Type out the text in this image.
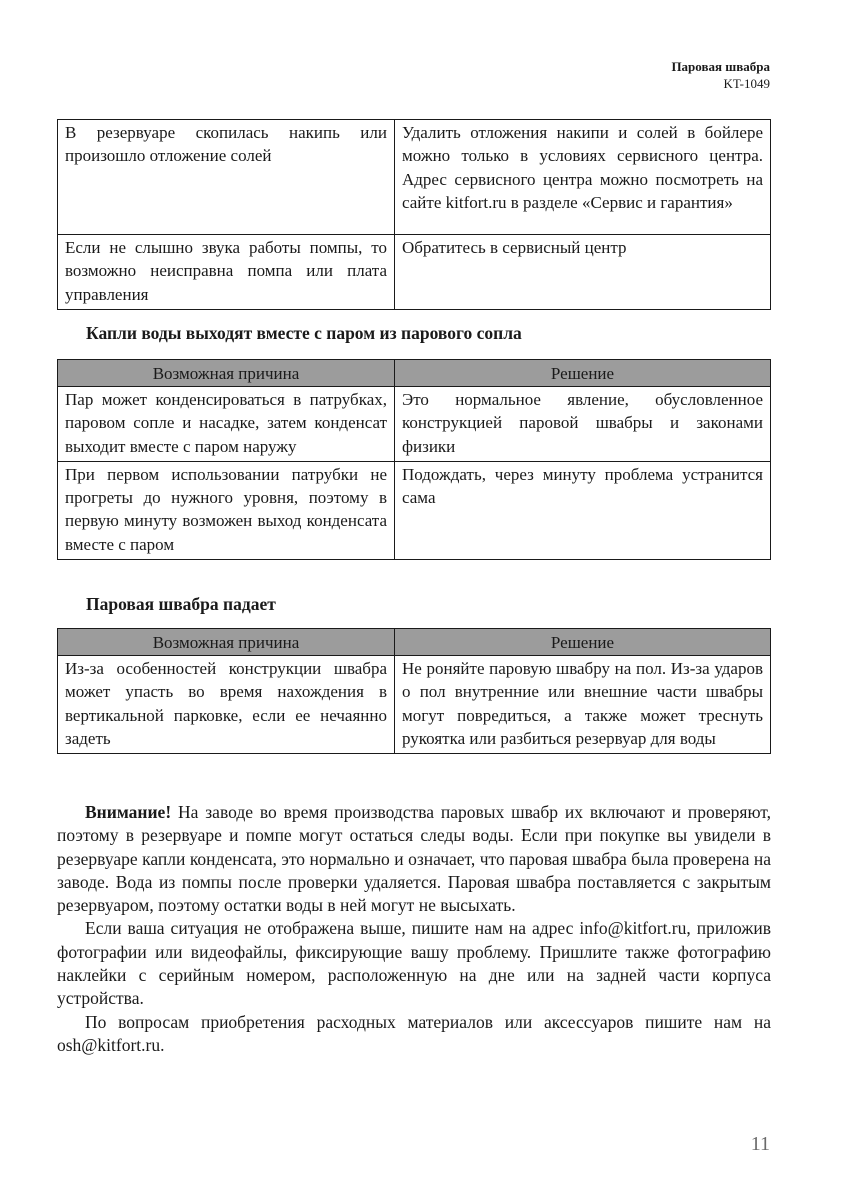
Паровая швабра
KT-1049
В резервуаре скопилась накипь или произошло отложение солей	Удалить отложения накипи и солей в бойлере можно только в условиях сервисного центра. Адрес сервисного центра можно посмотреть на сайте kitfort.ru в разделе «Сервис и гарантия»
Если не слышно звука работы помпы, то возможно неисправна помпа или плата управления	Обратитесь в сервисный центр
Капли воды выходят вместе с паром из парового сопла
Возможная причина	Решение
Пар может конденсироваться в патрубках, паровом сопле и насадке, затем конденсат выходит вместе с паром наружу	Это нормальное явление, обусловленное конструкцией паровой швабры и законами физики
При первом использовании патрубки не прогреты до нужного уровня, поэтому в первую минуту возможен выход конденсата вместе с паром	Подождать, через минуту проблема устранится сама
Паровая швабра падает
Возможная причина	Решение
Из-за особенностей конструкции швабра может упасть во время нахождения в вертикальной парковке, если ее нечаянно задеть	Не роняйте паровую швабру на пол. Из-за ударов о пол внутренние или внешние части швабры могут повредиться, а также может треснуть рукоятка или разбиться резервуар для воды

Внимание! На заводе во время производства паровых швабр их включают и проверяют, поэтому в резервуаре и помпе могут остаться следы воды. Если при покупке вы увидели в резервуаре капли конденсата, это нормально и означает, что паровая швабра была проверена на заводе. Вода из помпы после проверки удаляется. Паровая швабра поставляется с закрытым резервуаром, поэтому остатки воды в ней могут не высыхать.

Если ваша ситуация не отображена выше, пишите нам на адрес info@kitfort.ru, приложив фотографии или видеофайлы, фиксирующие вашу проблему. Пришлите также фотографию наклейки с серийным номером, расположенную на дне или на задней части корпуса устройства.

По вопросам приобретения расходных материалов или аксессуаров пишите нам на osh@kitfort.ru.

11
